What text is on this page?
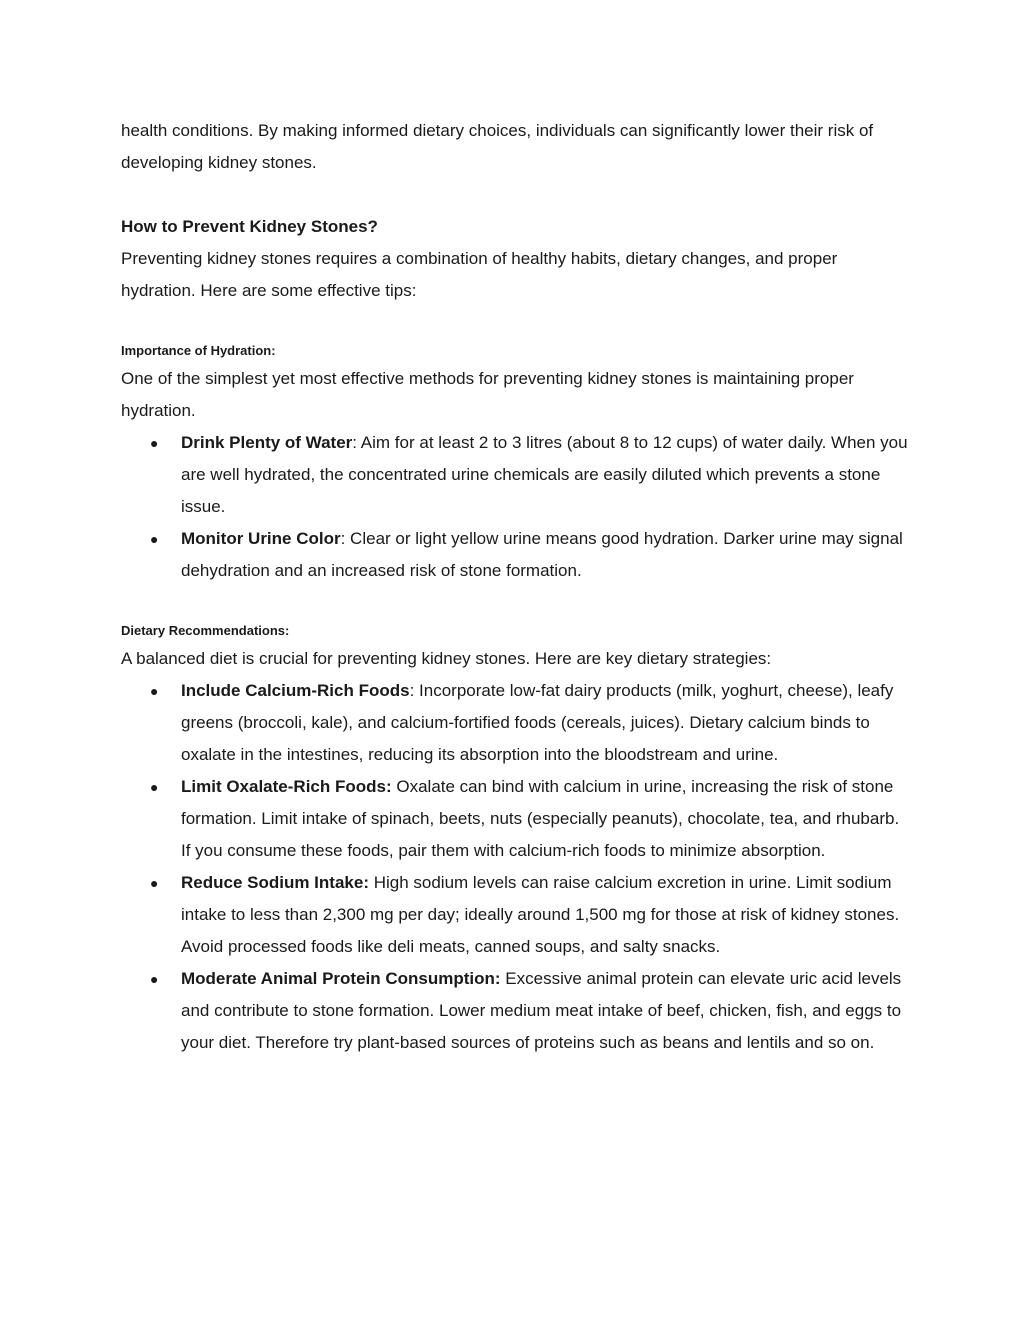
health conditions. By making informed dietary choices, individuals can significantly lower their risk of developing kidney stones.

How to Prevent Kidney Stones?

Preventing kidney stones requires a combination of healthy habits, dietary changes, and proper hydration. Here are some effective tips:

Importance of Hydration:

One of the simplest yet most effective methods for preventing kidney stones is maintaining proper hydration.

● Drink Plenty of Water: Aim for at least 2 to 3 litres (about 8 to 12 cups) of water daily. When you are well hydrated, the concentrated urine chemicals are easily diluted which prevents a stone issue.
● Monitor Urine Color: Clear or light yellow urine means good hydration. Darker urine may signal dehydration and an increased risk of stone formation.
Dietary Recommendations:

A balanced diet is crucial for preventing kidney stones. Here are key dietary strategies:

● Include Calcium-Rich Foods: Incorporate low-fat dairy products (milk, yoghurt, cheese), leafy greens (broccoli, kale), and calcium-fortified foods (cereals, juices). Dietary calcium binds to oxalate in the intestines, reducing its absorption into the bloodstream and urine.
● Limit Oxalate-Rich Foods: Oxalate can bind with calcium in urine, increasing the risk of stone formation. Limit intake of spinach, beets, nuts (especially peanuts), chocolate, tea, and rhubarb. If you consume these foods, pair them with calcium-rich foods to minimize absorption.
● Reduce Sodium Intake: High sodium levels can raise calcium excretion in urine. Limit sodium intake to less than 2,300 mg per day; ideally around 1,500 mg for those at risk of kidney stones. Avoid processed foods like deli meats, canned soups, and salty snacks.
● Moderate Animal Protein Consumption: Excessive animal protein can elevate uric acid levels and contribute to stone formation. Lower medium meat intake of beef, chicken, fish, and eggs to your diet. Therefore try plant-based sources of proteins such as beans and lentils and so on.
